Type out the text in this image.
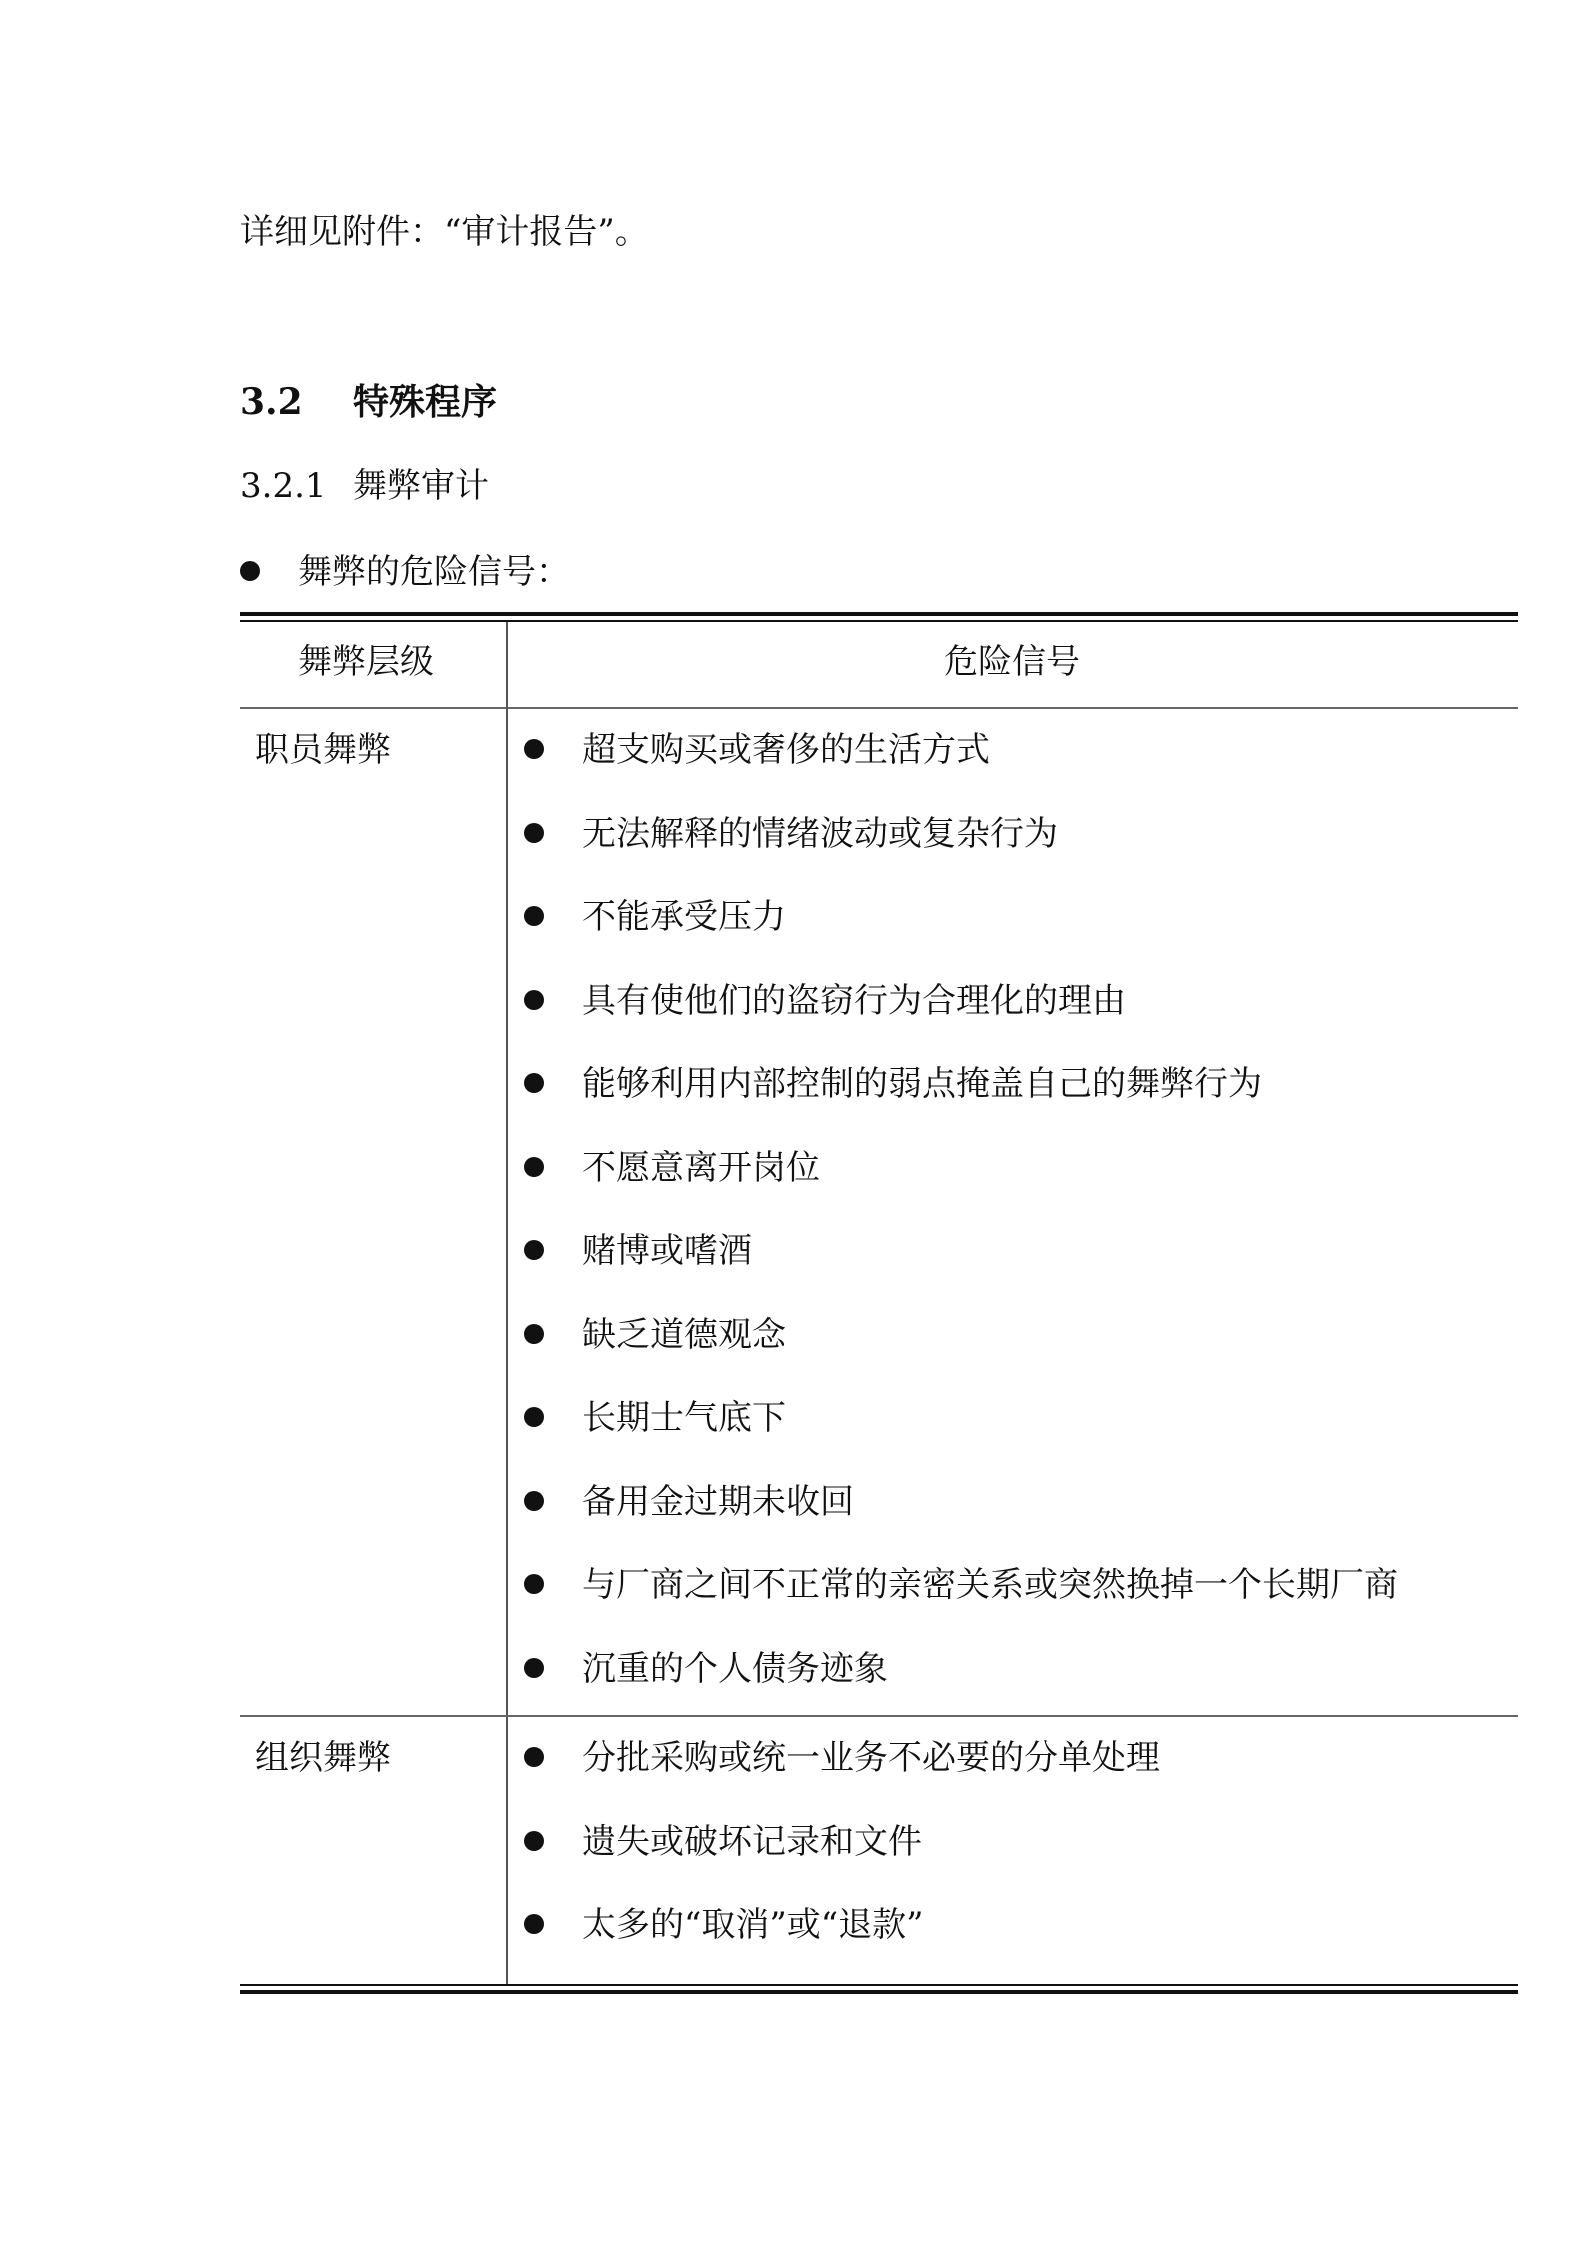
详细见附件：“审计报告”。
3.2 特殊程序
3.2.1 舞弊审计
舞弊的危险信号：
舞弊层级	危险信号
职员舞弊	超支购买或奢侈的生活方式
无法解释的情绪波动或复杂行为
不能承受压力
具有使他们的盗窃行为合理化的理由
能够利用内部控制的弱点掩盖自己的舞弊行为
不愿意离开岗位
赌博或嗜酒
缺乏道德观念
长期士气底下
备用金过期未收回
与厂商之间不正常的亲密关系或突然换掉一个长期厂商
沉重的个人债务迹象
组织舞弊	分批采购或统一业务不必要的分单处理
遗失或破坏记录和文件
太多的“取消”或“退款”
